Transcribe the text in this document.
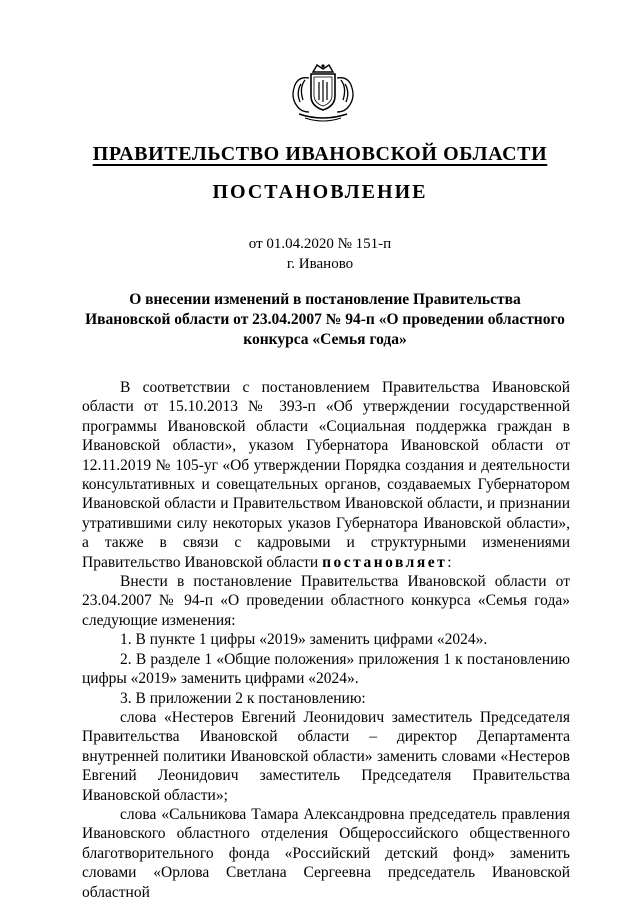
ПРАВИТЕЛЬСТВО ИВАНОВСКОЙ ОБЛАСТИ
ПОСТАНОВЛЕНИЕ
от 01.04.2020 № 151-п
г. Иваново
О внесении изменений в постановление Правительства
Ивановской области от 23.04.2007 № 94-п «О проведении областного
конкурса «Семья года»

В соответствии с постановлением Правительства Ивановской области от 15.10.2013 № 393-п «Об утверждении государственной программы Ивановской области «Социальная поддержка граждан в Ивановской области», указом Губернатора Ивановской области от 12.11.2019 № 105-уг «Об утверждении Порядка создания и деятельности консультативных и совещательных органов, создаваемых Губернатором Ивановской области и Правительством Ивановской области, и признании утратившими силу некоторых указов Губернатора Ивановской области», а также в связи с кадровыми и структурными изменениями Правительство Ивановской области постановляет:

Внести в постановление Правительства Ивановской области от 23.04.2007 № 94-п «О проведении областного конкурса «Семья года» следующие изменения:

1. В пункте 1 цифры «2019» заменить цифрами «2024».

2. В разделе 1 «Общие положения» приложения 1 к постановлению цифры «2019» заменить цифрами «2024».

3. В приложении 2 к постановлению:

слова «Нестеров Евгений Леонидович заместитель Председателя Правительства Ивановской области – директор Департамента внутренней политики Ивановской области» заменить словами «Нестеров Евгений Леонидович заместитель Председателя Правительства Ивановской области»;

слова «Сальникова Тамара Александровна председатель правления Ивановского областного отделения Общероссийского общественного благотворительного фонда «Российский детский фонд» заменить словами «Орлова Светлана Сергеевна председатель Ивановской областной
